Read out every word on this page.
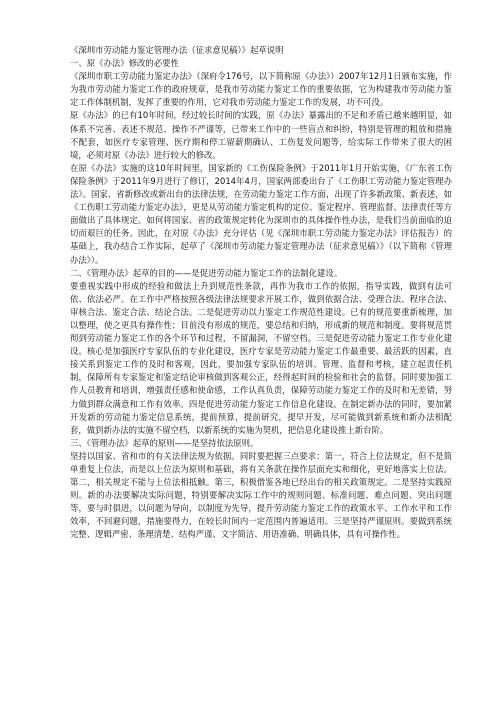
《深圳市劳动能力鉴定管理办法（征求意见稿）》起草说明

一、原《办法》修改的必要性

《深圳市职工劳动能力鉴定办法》（深府令176号，以下简称原《办法》）2007年12月1日颁布实施，作为我市劳动能力鉴定工作的政府规章，是我市劳动能力鉴定工作的重要依据，它为构建我市劳动能力鉴定工作体制机制，发挥了重要的作用，它对我市劳动能力鉴定工作的发展，功不可没。

原《办法》的已有10年时间，经过较长时间的实践，原《办法》暴露出的不足和矛盾已越来越明显，如体系不完善、表述不规范、操作不严谨等，已带来工作中的一些盲点和纠纷，特别是管理的粗放和措施不配套，如医疗专家管理、医疗期和停工留薪期确认、工伤复发问题等，给实际工作带来了很大的困境，必须对原《办法》进行较大的修改。

在原《办法》实施的这10年时间里，国家新的《工伤保险条例》于2011年1月开始实施，《广东省工伤保险条例》于2011年9月进行了修订，2014年4月，国家两部委出台了《工伤职工劳动能力鉴定管理办法》。国家、省新修改或新出台的法律法规，在劳动能力鉴定工作方面，出现了许多新政策、新表述，如《工伤职工劳动能力鉴定办法》，更是从劳动能力鉴定机构的定位、鉴定程序、管理监督、法律责任等方面做出了具体规定。如何将国家、省的政策规定转化为深圳市的具体操作性办法，是我们当前面临的迫切而艰巨的任务。因此，在对原《办法》充分评估（见《深圳市职工劳动能力鉴定办法》评估报告）的基础上，我办结合工作实际，起草了《深圳市劳动能力鉴定管理办法（征求意见稿）》（以下简称《管理办法》）。

二、《管理办法》起草的目的——是促进劳动能力鉴定工作的法制化建设。

要重视实践中形成的经验和做法上升到规范性条款，再作为我市工作的依据，指导实践，做到有法可依、依法必严。在工作中严格按照各级法律法规要求开展工作，做到依据合法、受理合法、程序合法、审核合法、鉴定合法、结论合法。二是促进劳动以力鉴定工作规范性建设。已有的规范要重新梳理，加以整理，使之更具有操作性；目前没有形成的规范，要总结和归纳，形成新的规范和制度。要将规范贯彻到劳动能力鉴定工作的各个环节和过程，不留漏洞，不留空档。三是促进劳动能力鉴定工作专业化建设。核心是加强医疗专家队伍的专业化建设，医疗专家是劳动能力鉴定工作最重要、最活跃的因素，直接关系到鉴定工作的及时和客观，因此，要加强专家队伍的培训、管理、监督和考核，建立起责任机制，保障所有专家鉴定和鉴定结论审核做到客观公正，经得起时间的检验和社会的监督。同时要加强工作人员教育和培训，增强责任感和使命感，工作认真负责，保障劳动能力鉴定工作的及时和无差错，努力做到群众满意和工作有效率。四是促进劳动能力鉴定工作信息化建设。在制定新办法的同时，要加紧开发新的劳动能力鉴定信息系统，提前预算，提前研究，提早开发，尽可能做到新系统和新办法相配套，做到新办法的实施不留空档，以新系统的实施为契机，把信息化建设推上新台阶。

三、《管理办法》起草的原则——是坚持依法原则。

坚持以国家、省和市的有关法律法规为依据。同时要把握三点要求：第一，符合上位法规定，但不是简单重复上位法，而是以上位法为原则和基础，将有关条款在操作层面充实和细化，更好地落实上位法。第二，相关规定不能与上位法相抵触。第三，积极借鉴各地已经出台的相关政策规定。二是坚持实践原则。新的办法要解决实际问题，特别要解决实际工作中的规则问题、标准问题、难点问题、突出问题等，要与时俱进，以问题为导向，以制度为先导，提升劳动能力鉴定工作的政策水平、工作水平和工作效率，不回避问题，措施要得力，在较长时间内一定范围内普遍适用。三是坚持严谨原则。要做到系统完整、逻辑严密、条理清楚、结构严谨、文字简洁、用语准确、明确具体，具有可操作性。
